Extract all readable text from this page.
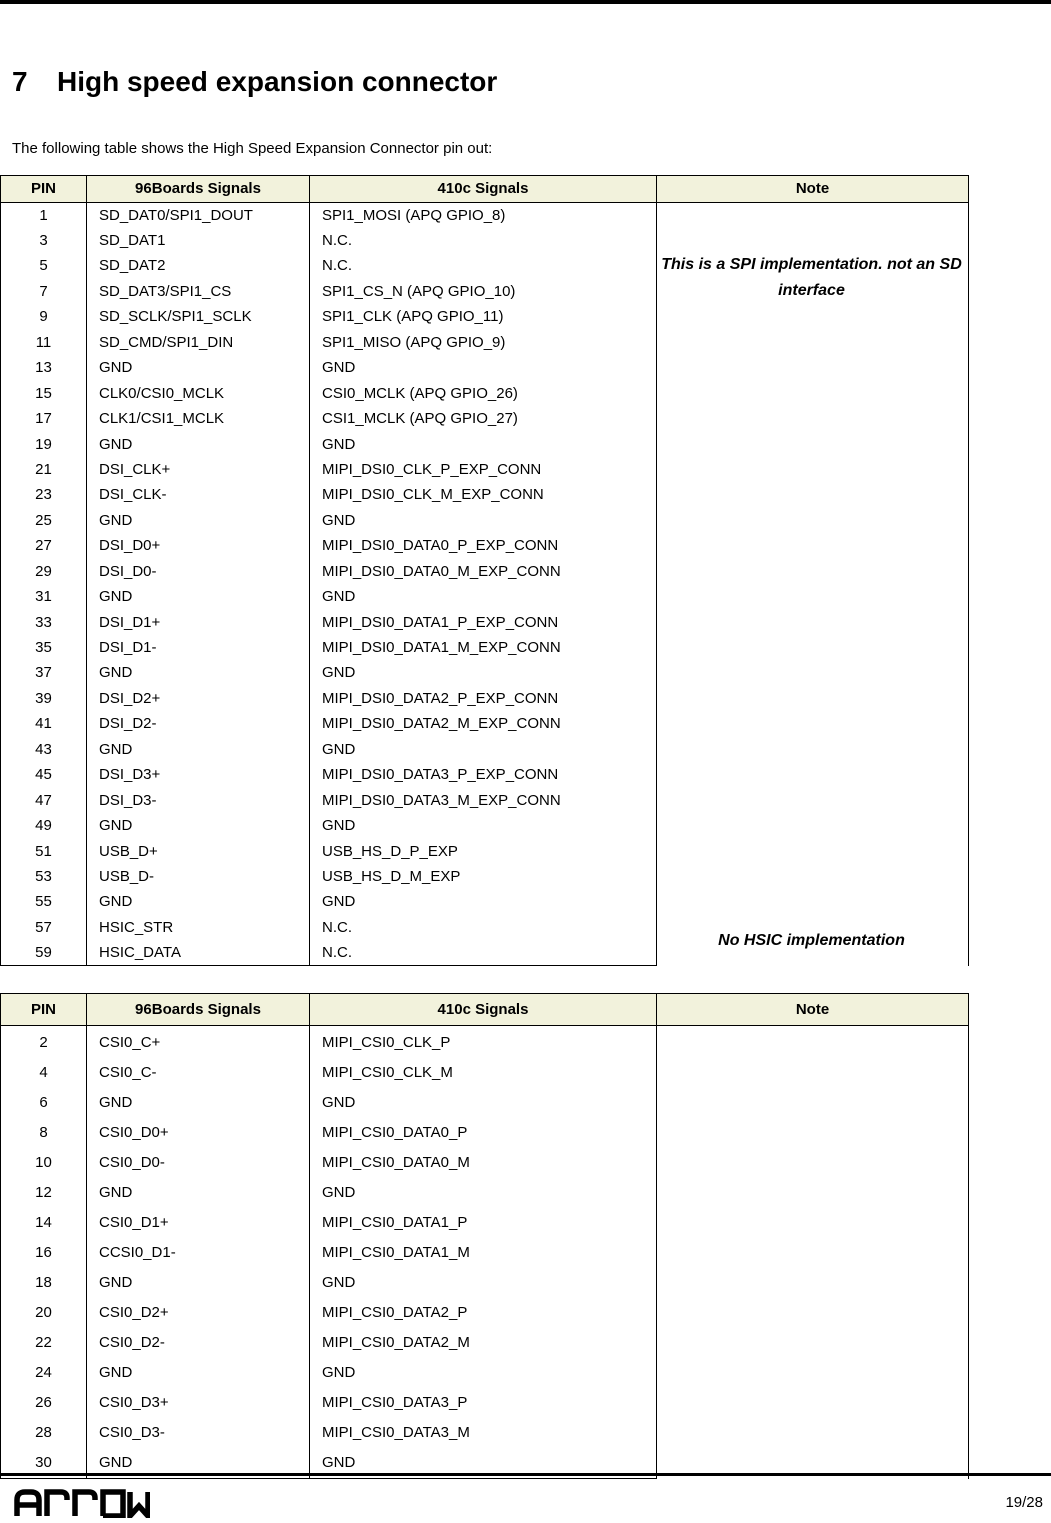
7 High speed expansion connector

The following table shows the High Speed Expansion Connector pin out:

PIN	96Boards Signals	410c Signals	Note
1	SD_DAT0/SPI1_DOUT	SPI1_MOSI (APQ GPIO_8)	
3	SD_DAT1	N.C.	
5	SD_DAT2	N.C.	
7	SD_DAT3/SPI1_CS	SPI1_CS_N (APQ GPIO_10)	
9	SD_SCLK/SPI1_SCLK	SPI1_CLK (APQ GPIO_11)	
11	SD_CMD/SPI1_DIN	SPI1_MISO (APQ GPIO_9)	
13	GND	GND	
15	CLK0/CSI0_MCLK	CSI0_MCLK (APQ GPIO_26)	
17	CLK1/CSI1_MCLK	CSI1_MCLK (APQ GPIO_27)	
19	GND	GND	
21	DSI_CLK+	MIPI_DSI0_CLK_P_EXP_CONN	
23	DSI_CLK-	MIPI_DSI0_CLK_M_EXP_CONN	
25	GND	GND	
27	DSI_D0+	MIPI_DSI0_DATA0_P_EXP_CONN	
29	DSI_D0-	MIPI_DSI0_DATA0_M_EXP_CONN	
31	GND	GND	
33	DSI_D1+	MIPI_DSI0_DATA1_P_EXP_CONN	
35	DSI_D1-	MIPI_DSI0_DATA1_M_EXP_CONN	
37	GND	GND	
39	DSI_D2+	MIPI_DSI0_DATA2_P_EXP_CONN	
41	DSI_D2-	MIPI_DSI0_DATA2_M_EXP_CONN	
43	GND	GND	
45	DSI_D3+	MIPI_DSI0_DATA3_P_EXP_CONN	
47	DSI_D3-	MIPI_DSI0_DATA3_M_EXP_CONN	
49	GND	GND	
51	USB_D+	USB_HS_D_P_EXP	
53	USB_D-	USB_HS_D_M_EXP	
55	GND	GND	
57	HSIC_STR	N.C.	
59	HSIC_DATA	N.C.	
This is a SPI implementation. not an SD interface
No HSIC implementation
PIN	96Boards Signals	410c Signals	Note
2	CSI0_C+	MIPI_CSI0_CLK_P	
4	CSI0_C-	MIPI_CSI0_CLK_M	
6	GND	GND	
8	CSI0_D0+	MIPI_CSI0_DATA0_P	
10	CSI0_D0-	MIPI_CSI0_DATA0_M	
12	GND	GND	
14	CSI0_D1+	MIPI_CSI0_DATA1_P	
16	CCSI0_D1-	MIPI_CSI0_DATA1_M	
18	GND	GND	
20	CSI0_D2+	MIPI_CSI0_DATA2_P	
22	CSI0_D2-	MIPI_CSI0_DATA2_M	
24	GND	GND	
26	CSI0_D3+	MIPI_CSI0_DATA3_P	
28	CSI0_D3-	MIPI_CSI0_DATA3_M	
30	GND	GND	
19/28
